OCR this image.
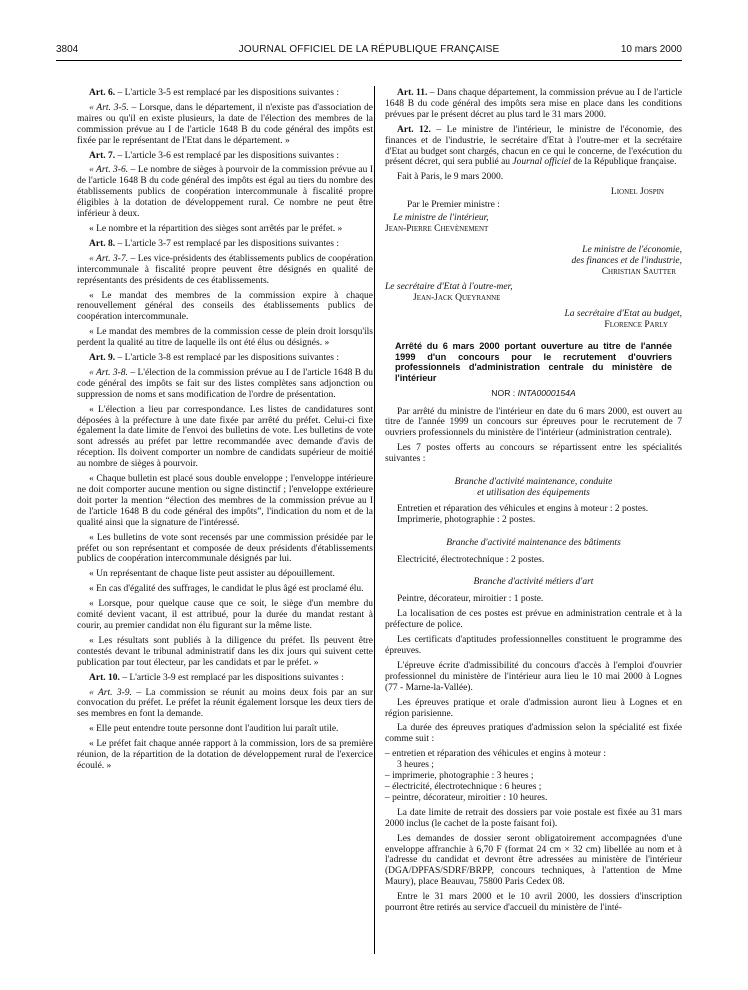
3804	JOURNAL OFFICIEL DE LA RÉPUBLIQUE FRANÇAISE	10 mars 2000

Art. 6. – L'article 3-5 est remplacé par les dispositions suivantes :

« Art. 3-5. – Lorsque, dans le département, il n'existe pas d'association de maires ou qu'il en existe plusieurs, la date de l'élection des membres de la commission prévue au I de l'article 1648 B du code général des impôts est fixée par le représentant de l'Etat dans le département. »

Art. 7. – L'article 3-6 est remplacé par les dispositions suivantes :

« Art. 3-6. – Le nombre de sièges à pourvoir de la commission prévue au I de l'article 1648 B du code général des impôts est égal au tiers du nombre des établissements publics de coopération intercommunale à fiscalité propre éligibles à la dotation de développement rural. Ce nombre ne peut être inférieur à deux.

« Le nombre et la répartition des sièges sont arrêtés par le préfet. »

Art. 8. – L'article 3-7 est remplacé par les dispositions suivantes :

« Art. 3-7. – Les vice-présidents des établissements publics de coopération intercommunale à fiscalité propre peuvent être désignés en qualité de représentants des présidents de ces établissements.

« Le mandat des membres de la commission expire à chaque renouvellement général des conseils des établissements publics de coopération intercommunale.

« Le mandat des membres de la commission cesse de plein droit lorsqu'ils perdent la qualité au titre de laquelle ils ont été élus ou désignés. »

Art. 9. – L'article 3-8 est remplacé par les dispositions suivantes :

« Art. 3-8. – L'élection de la commission prévue au I de l'article 1648 B du code général des impôts se fait sur des listes complètes sans adjonction ou suppression de noms et sans modification de l'ordre de présentation.

« L'élection a lieu par correspondance. Les listes de candidatures sont déposées à la préfecture à une date fixée par arrêté du préfet. Celui-ci fixe également la date limite de l'envoi des bulletins de vote. Les bulletins de vote sont adressés au préfet par lettre recommandée avec demande d'avis de réception. Ils doivent comporter un nombre de candidats supérieur de moitié au nombre de sièges à pourvoir.

« Chaque bulletin est placé sous double enveloppe ; l'enveloppe intérieure ne doit comporter aucune mention ou signe distinctif ; l'enveloppe extérieure doit porter la mention “élection des membres de la commission prévue au I de l'article 1648 B du code général des impôts”, l'indication du nom et de la qualité ainsi que la signature de l'intéressé.

« Les bulletins de vote sont recensés par une commission présidée par le préfet ou son représentant et composée de deux présidents d'établissements publics de coopération intercommunale désignés par lui.

« Un représentant de chaque liste peut assister au dépouillement.

« En cas d'égalité des suffrages, le candidat le plus âgé est proclamé élu.

« Lorsque, pour quelque cause que ce soit, le siège d'un membre du comité devient vacant, il est attribué, pour la durée du mandat restant à courir, au premier candidat non élu figurant sur la même liste.

« Les résultats sont publiés à la diligence du préfet. Ils peuvent être contestés devant le tribunal administratif dans les dix jours qui suivent cette publication par tout électeur, par les candidats et par le préfet. »

Art. 10. – L'article 3-9 est remplacé par les dispositions suivantes :

« Art. 3-9. – La commission se réunit au moins deux fois par an sur convocation du préfet. Le préfet la réunit également lorsque les deux tiers de ses membres en font la demande.

« Elle peut entendre toute personne dont l'audition lui paraît utile.

« Le préfet fait chaque année rapport à la commission, lors de sa première réunion, de la répartition de la dotation de développement rural de l'exercice écoulé. »

Art. 11. – Dans chaque département, la commission prévue au I de l'article 1648 B du code général des impôts sera mise en place dans les conditions prévues par le présent décret au plus tard le 31 mars 2000.

Art. 12. – Le ministre de l'intérieur, le ministre de l'économie, des finances et de l'industrie, le secrétaire d'Etat à l'outre-mer et la secrétaire d'Etat au budget sont chargés, chacun en ce qui le concerne, de l'exécution du présent décret, qui sera publié au Journal officiel de la République française.

Fait à Paris, le 9 mars 2000.

Lionel Jospin
Par le Premier ministre :
Le ministre de l'intérieur,
Jean-Pierre Chevènement
Le ministre de l'économie,
des finances et de l'industrie,
Christian Sautter
Le secrétaire d'Etat à l'outre-mer,
Jean-Jack Queyranne
La secrétaire d'Etat au budget,
Florence Parly

Arrêté du 6 mars 2000 portant ouverture au titre de l'année 1999 d'un concours pour le recrutement d'ouvriers professionnels d'administration centrale du ministère de l'intérieur

NOR : INTA0000154A

Par arrêté du ministre de l'intérieur en date du 6 mars 2000, est ouvert au titre de l'année 1999 un concours sur épreuves pour le recrutement de 7 ouvriers professionnels du ministère de l'intérieur (administration centrale).

Les 7 postes offerts au concours se répartissent entre les spécialités suivantes :

Branche d'activité maintenance, conduite
et utilisation des équipements

Entretien et réparation des véhicules et engins à moteur : 2 postes.

Imprimerie, photographie : 2 postes.

Branche d'activité maintenance des bâtiments

Electricité, électrotechnique : 2 postes.

Branche d'activité métiers d'art

Peintre, décorateur, miroitier : 1 poste.

La localisation de ces postes est prévue en administration centrale et à la préfecture de police.

Les certificats d'aptitudes professionnelles constituent le programme des épreuves.

L'épreuve écrite d'admissibilité du concours d'accès à l'emploi d'ouvrier professionnel du ministère de l'intérieur aura lieu le 10 mai 2000 à Lognes (77 - Marne-la-Vallée).

Les épreuves pratique et orale d'admission auront lieu à Lognes et en région parisienne.

La durée des épreuves pratiques d'admission selon la spécialité est fixée comme suit :

– entretien et réparation des véhicules et engins à moteur :

3 heures ;

– imprimerie, photographie : 3 heures ;

– électricité, électrotechnique : 6 heures ;

– peintre, décorateur, miroitier : 10 heures.

La date limite de retrait des dossiers par voie postale est fixée au 31 mars 2000 inclus (le cachet de la poste faisant foi).

Les demandes de dossier seront obligatoirement accompagnées d'une enveloppe affranchie à 6,70 F (format 24 cm × 32 cm) libellée au nom et à l'adresse du candidat et devront être adressées au ministère de l'intérieur (DGA/DPFAS/SDRF/BRPP, concours techniques, à l'attention de Mme Maury), place Beauvau, 75800 Paris Cedex 08.

Entre le 31 mars 2000 et le 10 avril 2000, les dossiers d'inscription pourront être retirés au service d'accueil du ministère de l'inté-
